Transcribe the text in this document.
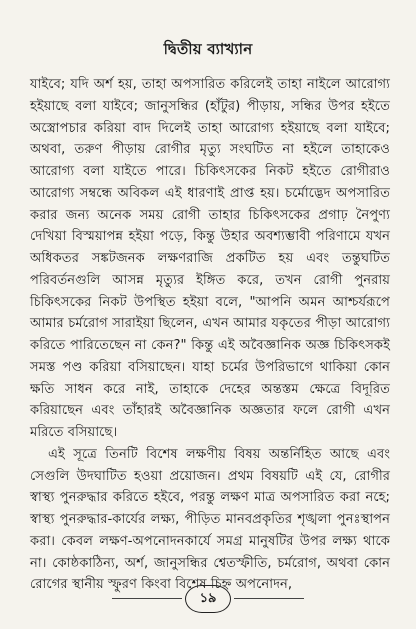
দ্বিতীয় ব্যাখ্যান

যাইবে; যদি অর্শ হয়, তাহা অপসারিত করিলেই তাহা নাইলে আরোগ্য হইয়াছে বলা যাইবে; জানুসন্ধির (হাঁটুর) পীড়ায়, সন্ধির উপর হইতে অস্ত্রোপচার করিয়া বাদ দিলেই তাহা আরোগ্য হইয়াছে বলা যাইবে; অথবা, তরুণ পীড়ায় রোগীর মৃত্যু সংঘটিত না হইলে তাহাকেও আরোগ্য বলা যাইতে পারে। চিকিৎসকের নিকট হইতে রোগীরাও আরোগ্য সম্বন্ধে অবিকল এই ধারণাই প্রাপ্ত হয়। চর্মোদ্ভেদ অপসারিত করার জন্য অনেক সময় রোগী তাহার চিকিৎসকের প্রগাঢ় নৈপুণ্য দেখিয়া বিস্ময়াপন্ন হইয়া পড়ে, কিন্তু উহার অবশ্যম্ভাবী পরিণামে যখন অধিকতর সঙ্কটজনক লক্ষণরাজি প্রকটিত হয় এবং তন্তুঘটিত পরিবর্তনগুলি আসন্ন মৃত্যুর ইঙ্গিত করে, তখন রোগী পুনরায় চিকিৎসকের নিকট উপস্থিত হইয়া বলে, "আপনি অমন আশ্চর্যরূপে আমার চর্মরোগ সারাইয়া ছিলেন, এখন আমার যকৃতের পীড়া আরোগ্য করিতে পারিতেছেন না কেন?" কিন্তু এই অবৈজ্ঞানিক অজ্ঞ চিকিৎসকই সমস্ত পণ্ড করিয়া বসিয়াছেন। যাহা চর্মের উপরিভাগে থাকিয়া কোন ক্ষতি সাধন করে নাই, তাহাকে দেহের অন্তস্তম ক্ষেত্রে বিদূরিত করিয়াছেন এবং তাঁহারই অবৈজ্ঞানিক অজ্ঞতার ফলে রোগী এখন মরিতে বসিয়াছে।

এই সূত্রে তিনটি বিশেষ লক্ষণীয় বিষয় অন্তর্নিহিত আছে এবং সেগুলি উদঘাটিত হওয়া প্রয়োজন। প্রথম বিষয়টি এই যে, রোগীর স্বাস্থ্য পুনরুদ্ধার করিতে হইবে, পরন্তু লক্ষণ মাত্র অপসারিত করা নহে; স্বাস্থ্য পুনরুদ্ধার-কার্যের লক্ষ্য, পীড়িত মানবপ্রকৃতির শৃঙ্খলা পুনঃস্থাপন করা। কেবল লক্ষণ-অপনোদনকার্যে সমগ্র মানুষটির উপর লক্ষ্য থাকে না। কোষ্ঠকাঠিন্য, অর্শ, জানুসন্ধির শ্বেতস্ফীতি, চর্মরোগ, অথবা কোন রোগের স্থানীয় স্ফুরণ কিংবা বিশেষ চিহ্ন অপনোদন,

১৯
